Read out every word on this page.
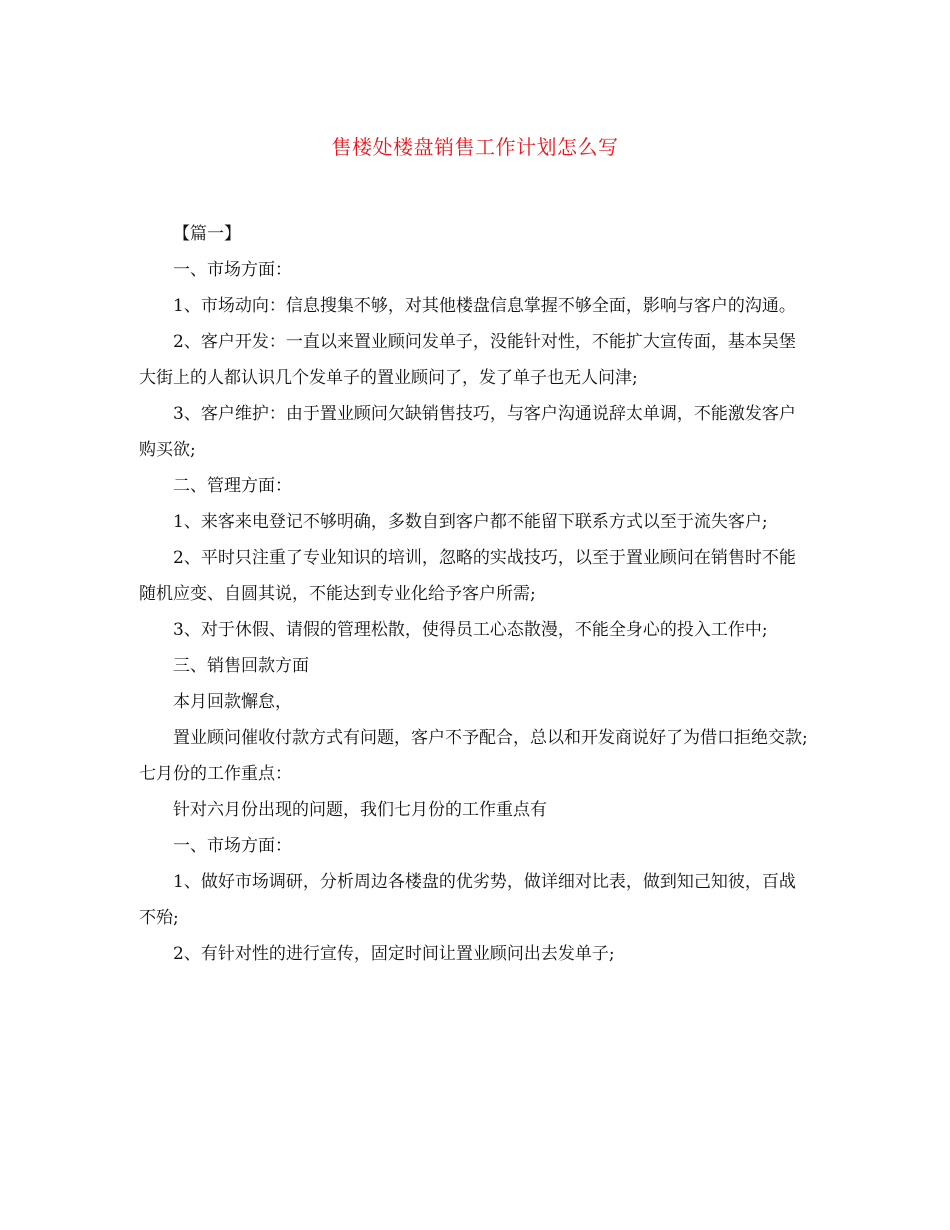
售楼处楼盘销售工作计划怎么写

【篇一】

一、市场方面：

1、市场动向：信息搜集不够，对其他楼盘信息掌握不够全面，影响与客户的沟通。

2、客户开发：一直以来置业顾问发单子，没能针对性，不能扩大宣传面，基本吴堡大街上的人都认识几个发单子的置业顾问了，发了单子也无人问津;

3、客户维护：由于置业顾问欠缺销售技巧，与客户沟通说辞太单调，不能激发客户购买欲;

二、管理方面：

1、来客来电登记不够明确，多数自到客户都不能留下联系方式以至于流失客户;

2、平时只注重了专业知识的培训，忽略的实战技巧，以至于置业顾问在销售时不能随机应变、自圆其说，不能达到专业化给予客户所需;

3、对于休假、请假的管理松散，使得员工心态散漫，不能全身心的投入工作中;

三、销售回款方面

本月回款懈怠，

置业顾问催收付款方式有问题，客户不予配合，总以和开发商说好了为借口拒绝交款;七月份的工作重点：

针对六月份出现的问题，我们七月份的工作重点有

一、市场方面：

1、做好市场调研，分析周边各楼盘的优劣势，做详细对比表，做到知己知彼，百战不殆;

2、有针对性的进行宣传，固定时间让置业顾问出去发单子;
